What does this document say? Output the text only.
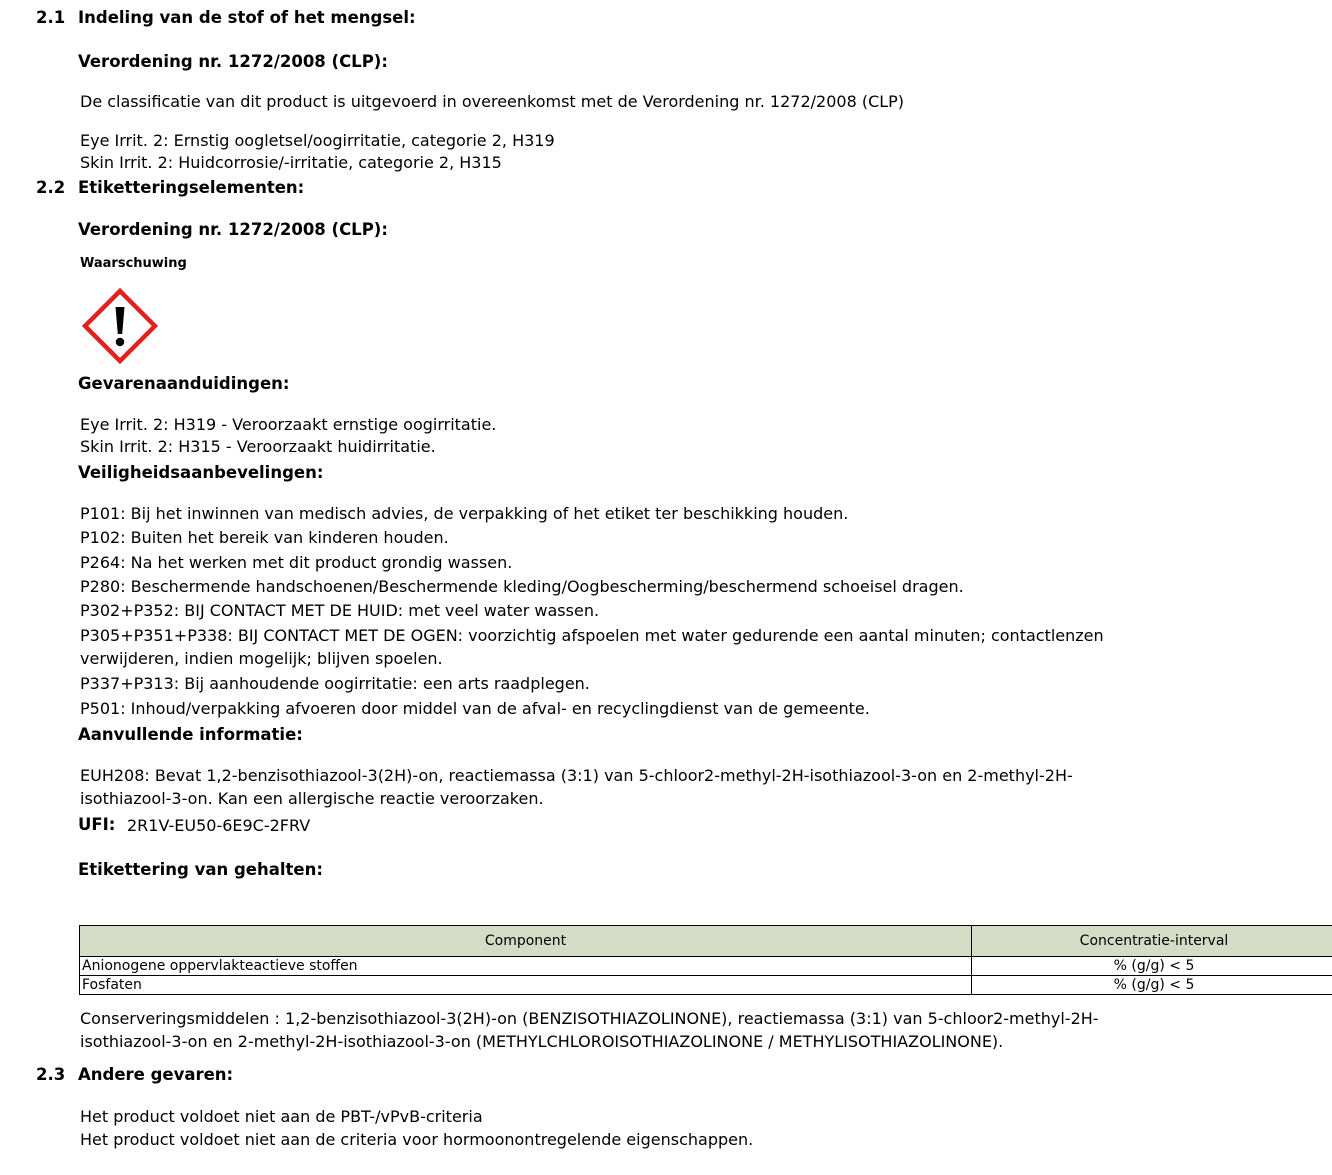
2.1 Indeling van de stof of het mengsel:
Verordening nr. 1272/2008 (CLP):
De classificatie van dit product is uitgevoerd in overeenkomst met de Verordening nr. 1272/2008 (CLP)
Eye Irrit. 2: Ernstig oogletsel/oogirritatie, categorie 2, H319
Skin Irrit. 2: Huidcorrosie/-irritatie, categorie 2, H315
2.2 Etiketteringselementen:
Verordening nr. 1272/2008 (CLP):
Waarschuwing
Gevarenaanduidingen:
Eye Irrit. 2: H319 - Veroorzaakt ernstige oogirritatie.
Skin Irrit. 2: H315 - Veroorzaakt huidirritatie.
Veiligheidsaanbevelingen:
P101: Bij het inwinnen van medisch advies, de verpakking of het etiket ter beschikking houden.
P102: Buiten het bereik van kinderen houden.
P264: Na het werken met dit product grondig wassen.
P280: Beschermende handschoenen/Beschermende kleding/Oogbescherming/beschermend schoeisel dragen.
P302+P352: BIJ CONTACT MET DE HUID: met veel water wassen.
P305+P351+P338: BIJ CONTACT MET DE OGEN: voorzichtig afspoelen met water gedurende een aantal minuten; contactlenzen
verwijderen, indien mogelijk; blijven spoelen.
P337+P313: Bij aanhoudende oogirritatie: een arts raadplegen.
P501: Inhoud/verpakking afvoeren door middel van de afval- en recyclingdienst van de gemeente.
Aanvullende informatie:
EUH208: Bevat 1,2-benzisothiazool-3(2H)-on, reactiemassa (3:1) van 5-chloor2-methyl-2H-isothiazool-3-on en 2-methyl-2H-
isothiazool-3-on. Kan een allergische reactie veroorzaken.
UFI: 2R1V-EU50-6E9C-2FRV
Etikettering van gehalten:
Component	Concentratie-interval
Anionogene oppervlakteactieve stoffen	% (g/g) < 5
Fosfaten	% (g/g) < 5
Conserveringsmiddelen : 1,2-benzisothiazool-3(2H)-on (BENZISOTHIAZOLINONE), reactiemassa (3:1) van 5-chloor2-methyl-2H-
isothiazool-3-on en 2-methyl-2H-isothiazool-3-on (METHYLCHLOROISOTHIAZOLINONE / METHYLISOTHIAZOLINONE).
2.3 Andere gevaren:
Het product voldoet niet aan de PBT-/vPvB-criteria
Het product voldoet niet aan de criteria voor hormoonontregelende eigenschappen.
